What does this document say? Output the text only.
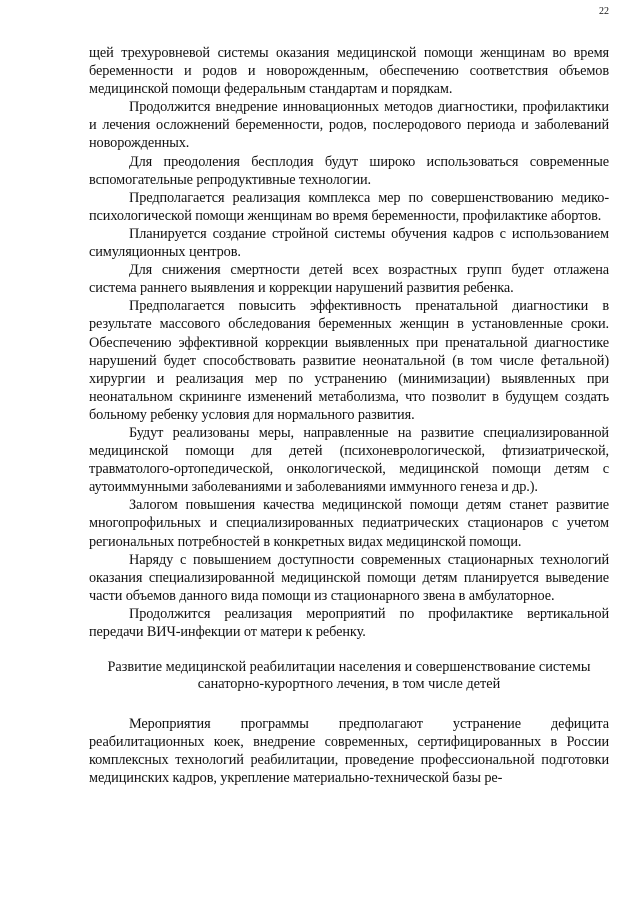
22

щей трехуровневой системы оказания медицинской помощи женщинам во время беременности и родов и новорожденным, обеспечению соответствия объемов медицинской помощи федеральным стандартам и порядкам.

Продолжится внедрение инновационных методов диагностики, профилактики и лечения осложнений беременности, родов, послеродового периода и заболеваний новорожденных.

Для преодоления бесплодия будут широко использоваться современные вспомогательные репродуктивные технологии.

Предполагается реализация комплекса мер по совершенствованию медико-психологической помощи женщинам во время беременности, профилактике абортов.

Планируется создание стройной системы обучения кадров с использованием симуляционных центров.

Для снижения смертности детей всех возрастных групп будет отлажена система раннего выявления и коррекции нарушений развития ребенка.

Предполагается повысить эффективность пренатальной диагностики в результате массового обследования беременных женщин в установленные сроки. Обеспечению эффективной коррекции выявленных при пренатальной диагностике нарушений будет способствовать развитие неонатальной (в том числе фетальной) хирургии и реализация мер по устранению (минимизации) выявленных при неонатальном скрининге изменений метаболизма, что позволит в будущем создать больному ребенку условия для нормального развития.

Будут реализованы меры, направленные на развитие специализированной медицинской помощи для детей (психоневрологической, фтизиатрической, травматолого-ортопедической, онкологической, медицинской помощи детям с аутоиммунными заболеваниями и заболеваниями иммунного генеза и др.).

Залогом повышения качества медицинской помощи детям станет развитие многопрофильных и специализированных педиатрических стационаров с учетом региональных потребностей в конкретных видах медицинской помощи.

Наряду с повышением доступности современных стационарных технологий оказания специализированной медицинской помощи детям планируется выведение части объемов данного вида помощи из стационарного звена в амбулаторное.

Продолжится реализация мероприятий по профилактике вертикальной передачи ВИЧ-инфекции от матери к ребенку.

Развитие медицинской реабилитации населения и совершенствование системы санаторно-курортного лечения, в том числе детей

Мероприятия программы предполагают устранение дефицита реабилитационных коек, внедрение современных, сертифицированных в России комплексных технологий реабилитации, проведение профессиональной подготовки медицинских кадров, укрепление материально-технической базы ре-
